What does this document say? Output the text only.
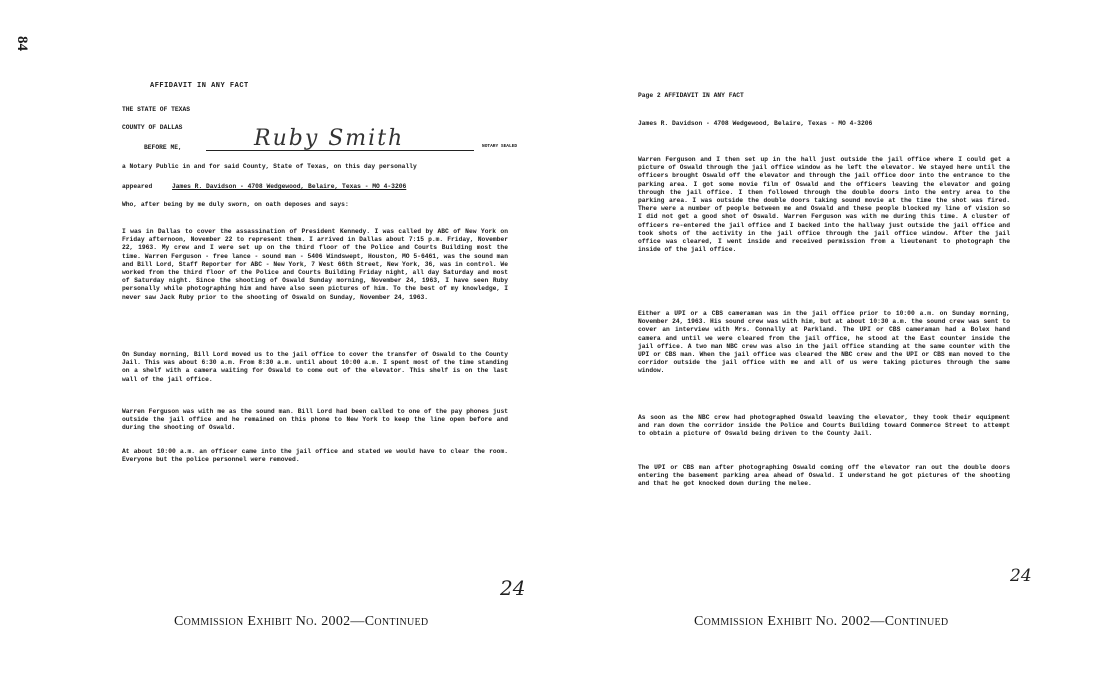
84
AFFIDAVIT IN ANY FACT
THE STATE OF TEXAS
COUNTY OF DALLAS
BEFORE ME,	Ruby Smith	NOTARY SEALED
a Notary Public in and for said County, State of Texas, on this day personally
appeared	James R. Davidson - 4708 Wedgewood, Belaire, Texas - MO 4-3206
Who, after being by me duly sworn, on oath deposes and says:

I was in Dallas to cover the assassination of President Kennedy. I was called by ABC of New York on Friday afternoon, November 22 to represent them. I arrived in Dallas about 7:15 p.m. Friday, November 22, 1963. My crew and I were set up on the third floor of the Police and Courts Building most the time. Warren Ferguson - free lance - sound man - 5406 Windswept, Houston, MO 5-6461, was the sound man and Bill Lord, Staff Reporter for ABC - New York, 7 West 66th Street, New York, 36, was in control. We worked from the third floor of the Police and Courts Building Friday night, all day Saturday and most of Saturday night. Since the shooting of Oswald Sunday morning, November 24, 1963, I have seen Ruby personally while photographing him and have also seen pictures of him. To the best of my knowledge, I never saw Jack Ruby prior to the shooting of Oswald on Sunday, November 24, 1963.

On Sunday morning, Bill Lord moved us to the jail office to cover the transfer of Oswald to the County Jail. This was about 6:30 a.m. From 8:30 a.m. until about 10:00 a.m. I spent most of the time standing on a shelf with a camera waiting for Oswald to come out of the elevator. This shelf is on the last wall of the jail office.

Warren Ferguson was with me as the sound man. Bill Lord had been called to one of the pay phones just outside the jail office and he remained on this phone to New York to keep the line open before and during the shooting of Oswald.

At about 10:00 a.m. an officer came into the jail office and stated we would have to clear the room. Everyone but the police personnel were removed.

24
Commission Exhibit No. 2002—Continued
Page 2 AFFIDAVIT IN ANY FACT
James R. Davidson - 4708 Wedgewood, Belaire, Texas - MO 4-3206

Warren Ferguson and I then set up in the hall just outside the jail office where I could get a picture of Oswald through the jail office window as he left the elevator. We stayed here until the officers brought Oswald off the elevator and through the jail office door into the entrance to the parking area. I got some movie film of Oswald and the officers leaving the elevator and going through the jail office. I then followed through the double doors into the entry area to the parking area. I was outside the double doors taking sound movie at the time the shot was fired. There were a number of people between me and Oswald and these people blocked my line of vision so I did not get a good shot of Oswald. Warren Ferguson was with me during this time. A cluster of officers re-entered the jail office and I backed into the hallway just outside the jail office and took shots of the activity in the jail office through the jail office window. After the jail office was cleared, I went inside and received permission from a lieutenant to photograph the inside of the jail office.

Either a UPI or a CBS cameraman was in the jail office prior to 10:00 a.m. on Sunday morning, November 24, 1963. His sound crew was with him, but at about 10:30 a.m. the sound crew was sent to cover an interview with Mrs. Connally at Parkland. The UPI or CBS cameraman had a Bolex hand camera and until we were cleared from the jail office, he stood at the East counter inside the jail office. A two man NBC crew was also in the jail office standing at the same counter with the UPI or CBS man. When the jail office was cleared the NBC crew and the UPI or CBS man moved to the corridor outside the jail office with me and all of us were taking pictures through the same window.

As soon as the NBC crew had photographed Oswald leaving the elevator, they took their equipment and ran down the corridor inside the Police and Courts Building toward Commerce Street to attempt to obtain a picture of Oswald being driven to the County Jail.

The UPI or CBS man after photographing Oswald coming off the elevator ran out the double doors entering the basement parking area ahead of Oswald. I understand he got pictures of the shooting and that he got knocked down during the melee.

24
Commission Exhibit No. 2002—Continued
